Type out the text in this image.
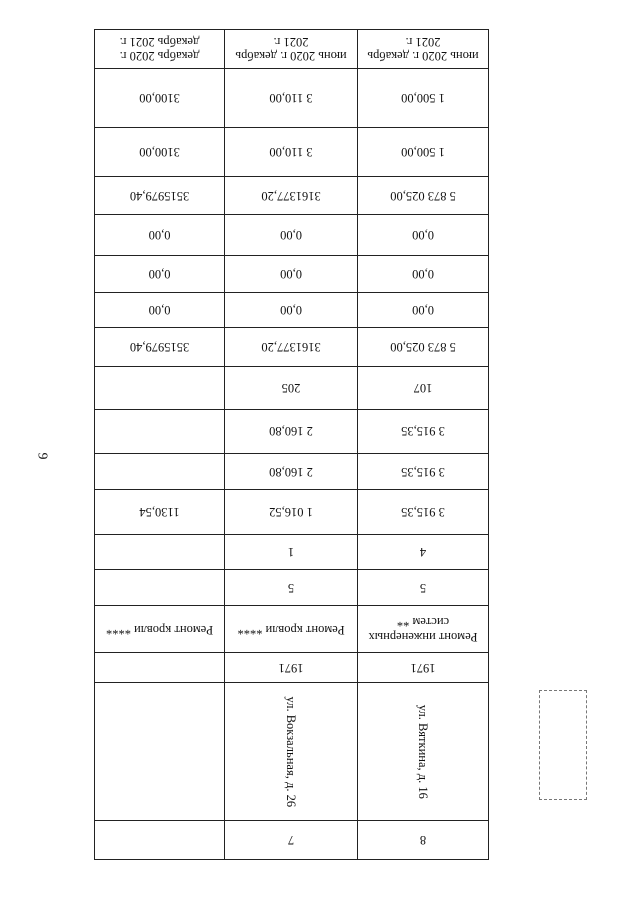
9
8	7	
ул. Вяткина, д. 16	ул. Вокзальная, д. 26	
1971	1971	
Ремонт инженерных систем **	Ремонт кровли ****	Ремонт кровли ****
5	5	
4	1	
3 915,35	1 016,52	1130,54
3 915,35	2 160,80	
3 915,35	2 160,80	
107	205	
5 873 025,00	3161377,20	3515979,40
0,00	0,00	0,00
0,00	0,00	0,00
0,00	0,00	0,00
5 873 025,00	3161377,20	3515979,40
1 500,00	3 110,00	3100,00
1 500,00	3 110,00	3100,00
июнь 2020 г. декабрь 2021 г.	июнь 2020 г. декабрь 2021 г.	декабрь 2020 г. декабрь 2021 г.
